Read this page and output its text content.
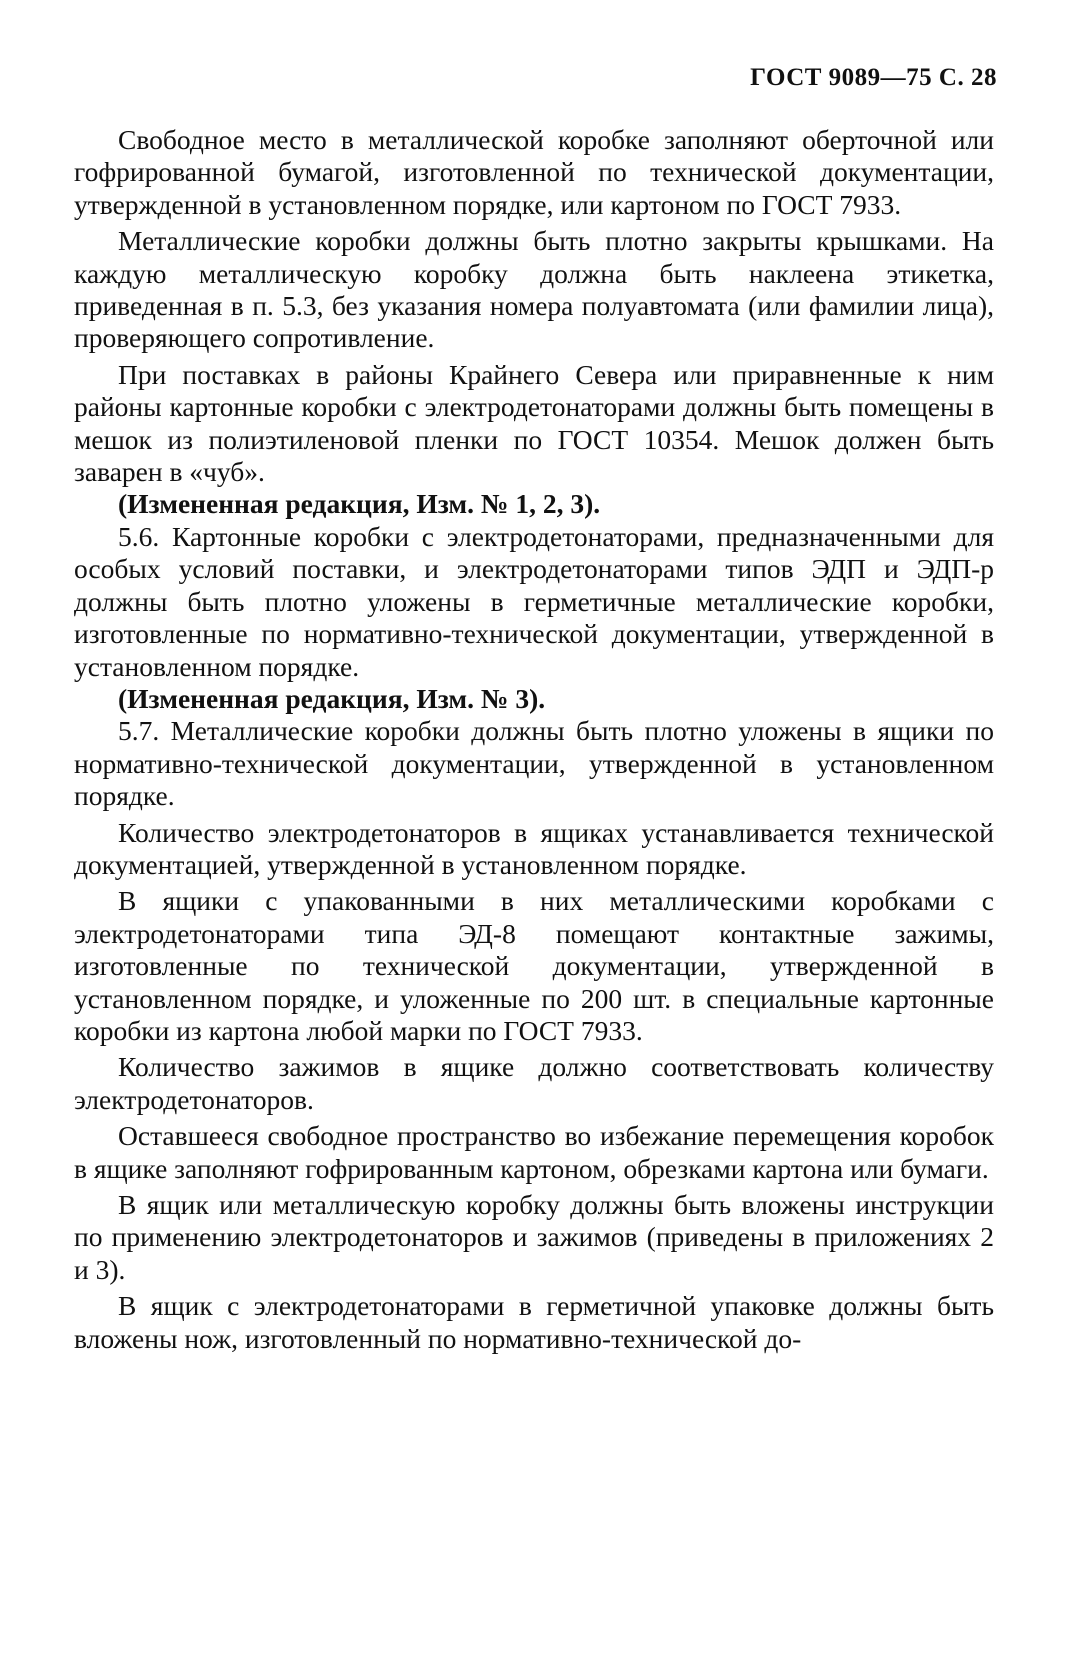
ГОСТ 9089—75 С. 28

Свободное место в металлической коробке заполняют оберточной или гофрированной бумагой, изготовленной по технической документации, утвержденной в установленном порядке, или картоном по ГОСТ 7933.

Металлические коробки должны быть плотно закрыты крышками. На каждую металлическую коробку должна быть наклеена этикетка, приведенная в п. 5.3, без указания номера полуавтомата (или фамилии лица), проверяющего сопротивление.

При поставках в районы Крайнего Севера или приравненные к ним районы картонные коробки с электродетонаторами должны быть помещены в мешок из полиэтиленовой пленки по ГОСТ 10354. Мешок должен быть заварен в «чуб».

(Измененная редакция, Изм. № 1, 2, 3).

5.6. Картонные коробки с электродетонаторами, предназначенными для особых условий поставки, и электродетонаторами типов ЭДП и ЭДП-р должны быть плотно уложены в герметичные металлические коробки, изготовленные по нормативно-технической документации, утвержденной в установленном порядке.

(Измененная редакция, Изм. № 3).

5.7. Металлические коробки должны быть плотно уложены в ящики по нормативно-технической документации, утвержденной в установленном порядке.

Количество электродетонаторов в ящиках устанавливается технической документацией, утвержденной в установленном порядке.

В ящики с упакованными в них металлическими коробками с электродетонаторами типа ЭД-8 помещают контактные зажимы, изготовленные по технической документации, утвержденной в установленном порядке, и уложенные по 200 шт. в специальные картонные коробки из картона любой марки по ГОСТ 7933.

Количество зажимов в ящике должно соответствовать количеству электродетонаторов.

Оставшееся свободное пространство во избежание перемещения коробок в ящике заполняют гофрированным картоном, обрезками картона или бумаги.

В ящик или металлическую коробку должны быть вложены инструкции по применению электродетонаторов и зажимов (приведены в приложениях 2 и 3).

В ящик с электродетонаторами в герметичной упаковке должны быть вложены нож, изготовленный по нормативно-технической до-
